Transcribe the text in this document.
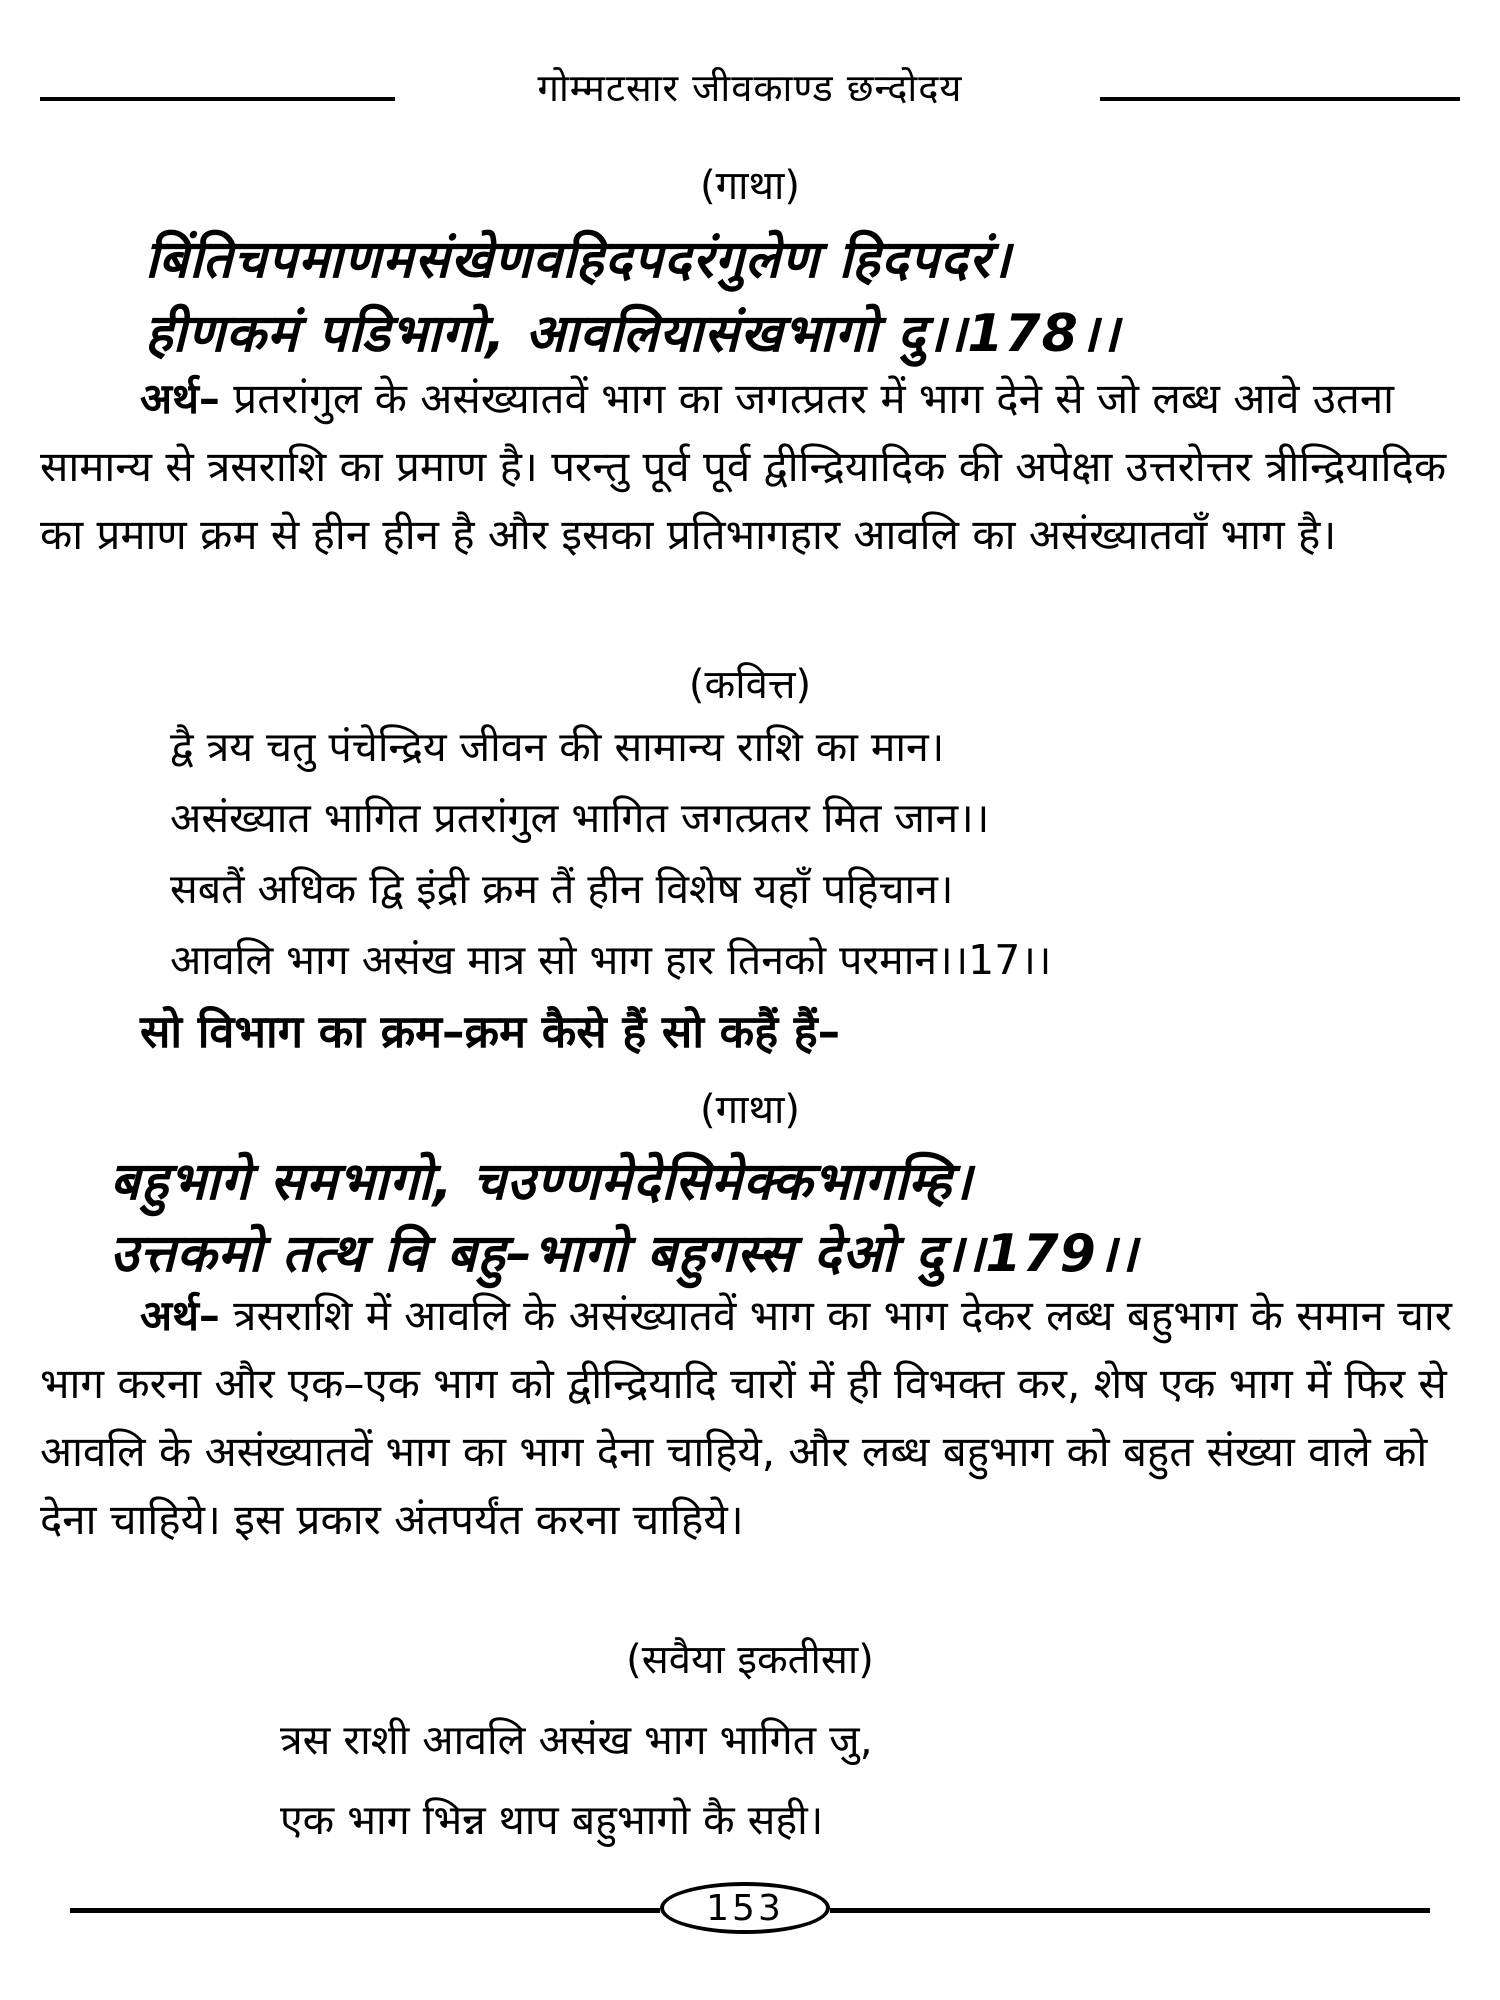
गोम्मटसार जीवकाण्ड छन्दोदय
(गाथा)
बिंतिचपमाणमसंखेणवहिदपदरंगुलेण हिदपदरं।
हीणकमं पडिभागो, आवलियासंखभागो दु।।178।।

अर्थ– प्रतरांगुल के असंख्यातवें भाग का जगत्प्रतर में भाग देने से जो लब्ध आवे उतना सामान्य से त्रसराशि का प्रमाण है। परन्तु पूर्व पूर्व द्वीन्द्रियादिक की अपेक्षा उत्तरोत्तर त्रीन्द्रियादिक का प्रमाण क्रम से हीन हीन है और इसका प्रतिभागहार आवलि का असंख्यातवाँ भाग है।

(कवित्त)
द्वै त्रय चतु पंचेन्द्रिय जीवन की सामान्य राशि का मान।
असंख्यात भागित प्रतरांगुल भागित जगत्प्रतर मित जान।।
सबतैं अधिक द्वि इंद्री क्रम तैं हीन विशेष यहाँ पहिचान।
आवलि भाग असंख मात्र सो भाग हार तिनको परमान।।17।।
सो विभाग का क्रम–क्रम कैसे हैं सो कहैं हैं–
(गाथा)
बहुभागे समभागो, चउण्णमेदेसिमेक्कभागम्हि।
उत्तकमो तत्थ वि बहु–भागो बहुगस्स देओ दु।।179।।

अर्थ– त्रसराशि में आवलि के असंख्यातवें भाग का भाग देकर लब्ध बहुभाग के समान चार भाग करना और एक–एक भाग को द्वीन्द्रियादि चारों में ही विभक्त कर, शेष एक भाग में फिर से आवलि के असंख्यातवें भाग का भाग देना चाहिये, और लब्ध बहुभाग को बहुत संख्या वाले को देना चाहिये। इस प्रकार अंतपर्यंत करना चाहिये।

(सवैया इकतीसा)
त्रस राशी आवलि असंख भाग भागित जु,
एक भाग भिन्न थाप बहुभागो कै सही।
153
